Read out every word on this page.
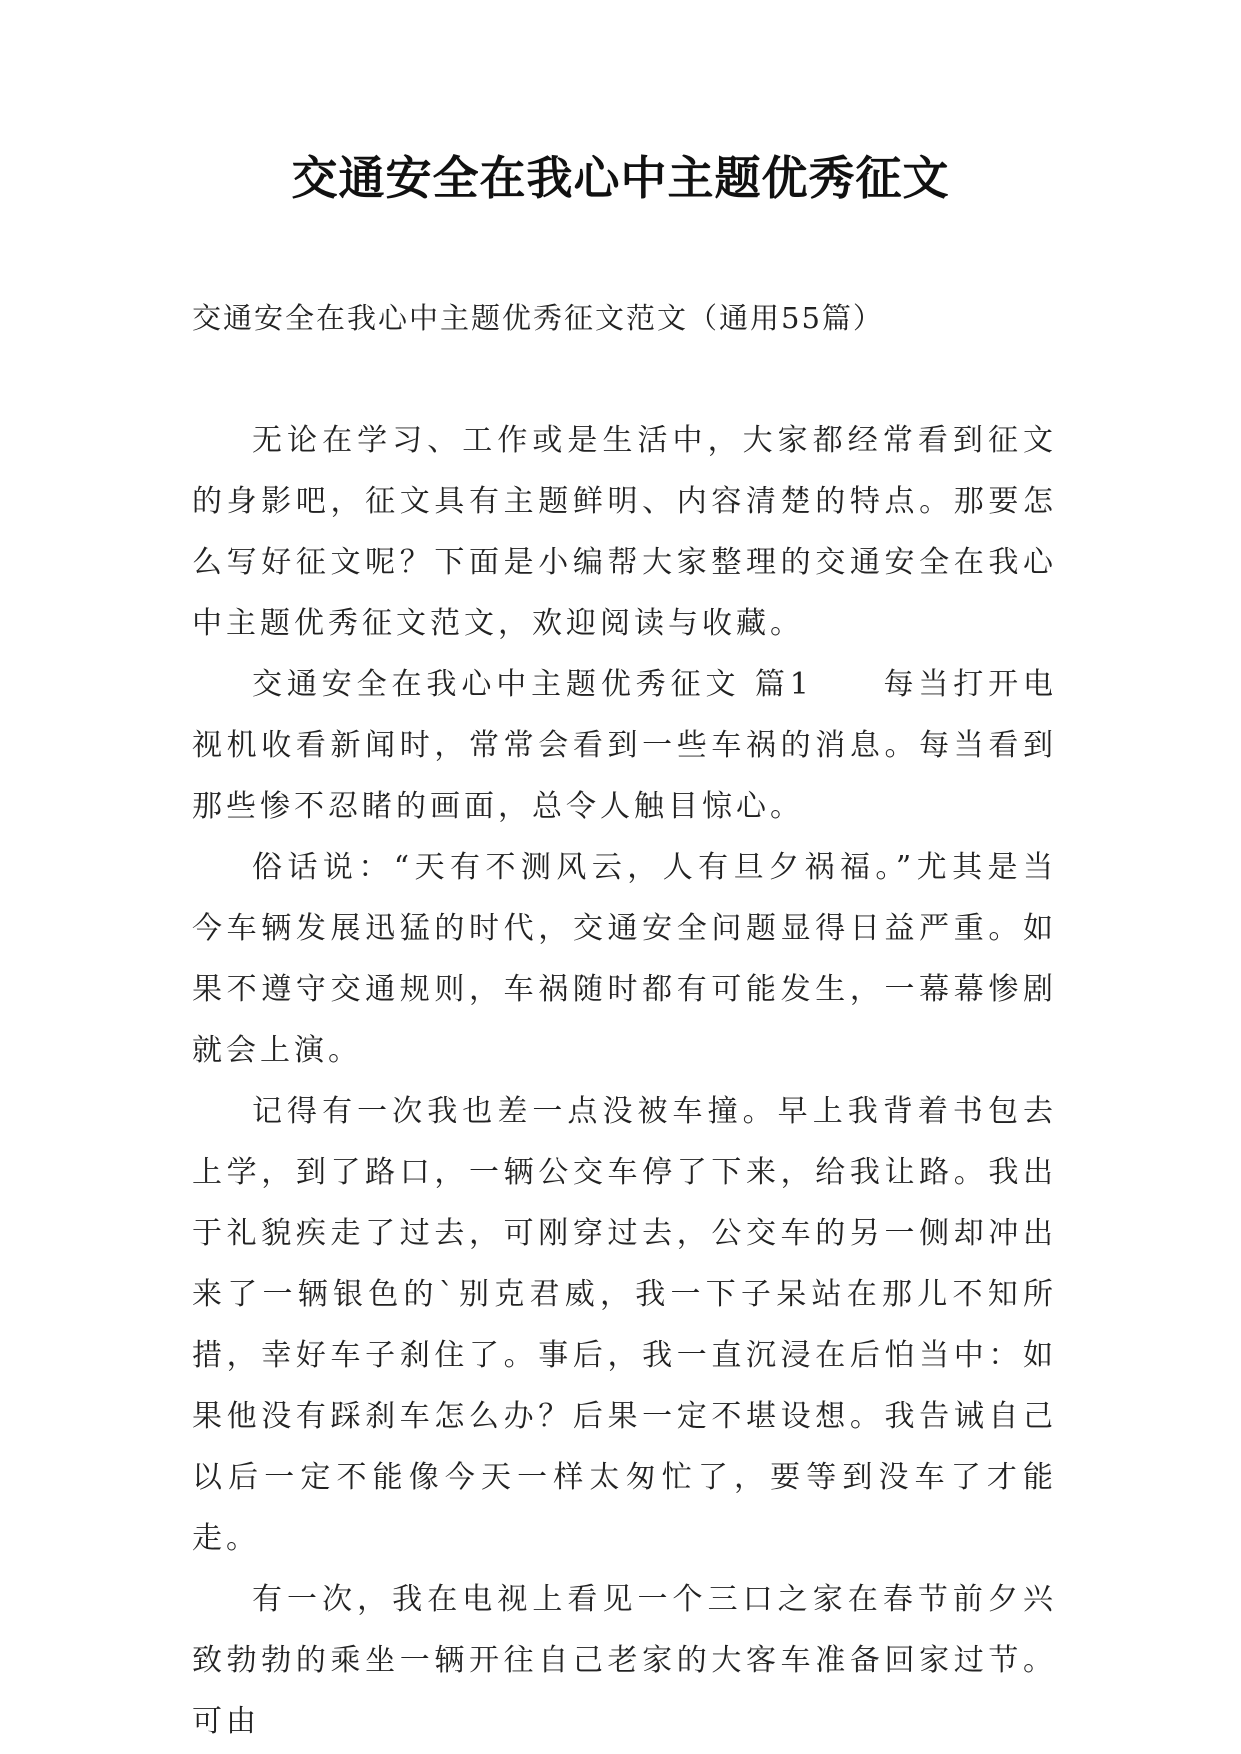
交通安全在我心中主题优秀征文
交通安全在我心中主题优秀征文范文（通用55篇）

无论在学习、工作或是生活中，大家都经常看到征文的身影吧，征文具有主题鲜明、内容清楚的特点。那要怎么写好征文呢？下面是小编帮大家整理的交通安全在我心中主题优秀征文范文，欢迎阅读与收藏。

交通安全在我心中主题优秀征文 篇1　　每当打开电视机收看新闻时，常常会看到一些车祸的消息。每当看到那些惨不忍睹的画面，总令人触目惊心。

俗话说：“天有不测风云，人有旦夕祸福。”尤其是当今车辆发展迅猛的时代，交通安全问题显得日益严重。如果不遵守交通规则，车祸随时都有可能发生，一幕幕惨剧就会上演。

记得有一次我也差一点没被车撞。早上我背着书包去上学，到了路口，一辆公交车停了下来，给我让路。我出于礼貌疾走了过去，可刚穿过去，公交车的另一侧却冲出来了一辆银色的`别克君威，我一下子呆站在那儿不知所措，幸好车子刹住了。事后，我一直沉浸在后怕当中：如果他没有踩刹车怎么办？后果一定不堪设想。我告诫自己以后一定不能像今天一样太匆忙了，要等到没车了才能走。

有一次，我在电视上看见一个三口之家在春节前夕兴致勃勃的乘坐一辆开往自己老家的大客车准备回家过节。可由
